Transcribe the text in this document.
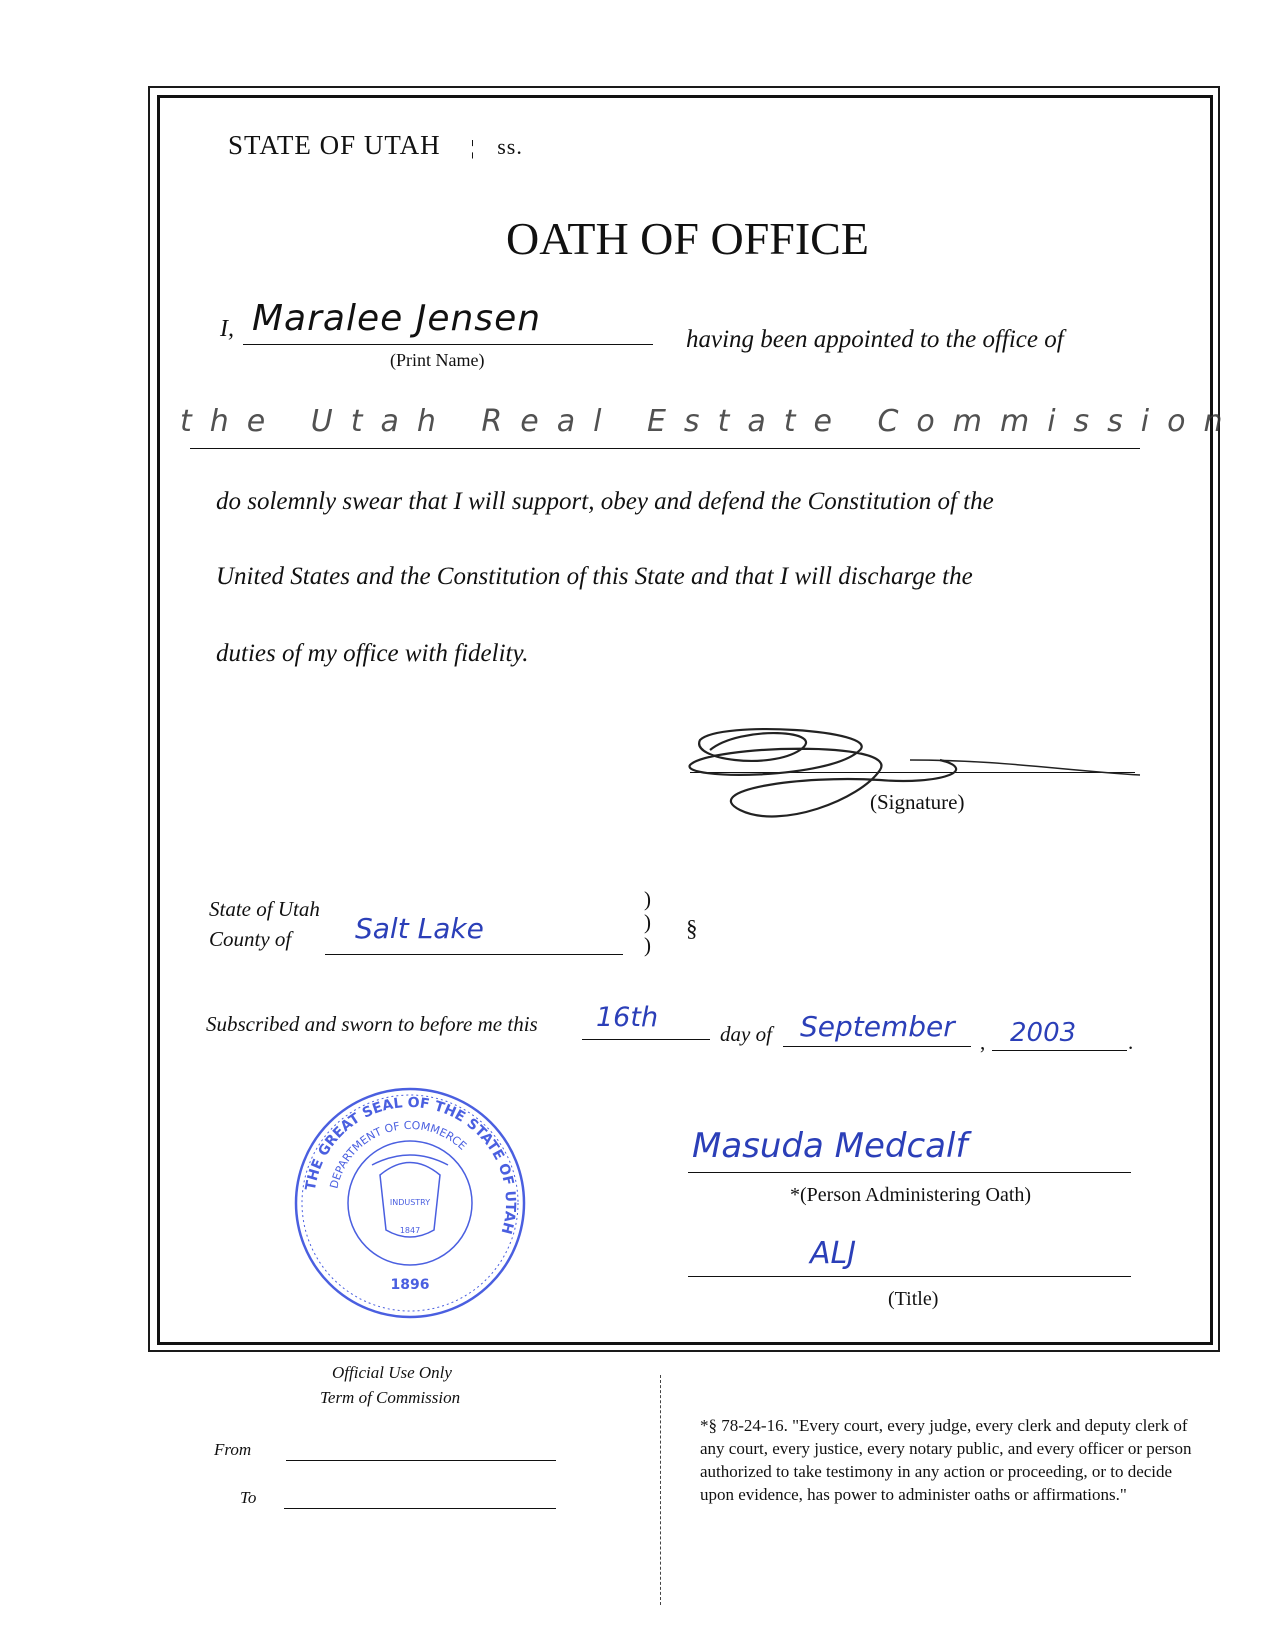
STATE OF UTAH ¦ ss.
OATH OF OFFICE
I, Maralee Jensen
(Print Name)
having been appointed to the office of
the Utah Real Estate Commission
do solemnly swear that I will support, obey and defend the Constitution of the
United States and the Constitution of this State and that I will discharge the
duties of my office with fidelity.
(Signature)
State of Utah
County of Salt Lake
)
)
)
§
Subscribed and sworn to before me this 16th
day of September , 2003 .
THE GREAT SEAL OF THE STATE OF UTAH
DEPARTMENT OF COMMERCE
INDUSTRY
1847
1896
Masuda Medcalf
*(Person Administering Oath)
ALJ
(Title)
Official Use Only
Term of Commission
From
To
*§ 78-24-16. "Every court, every judge, every clerk and deputy clerk of any court, every justice, every notary public, and every officer or person authorized to take testimony in any action or proceeding, or to decide upon evidence, has power to administer oaths or affirmations."
